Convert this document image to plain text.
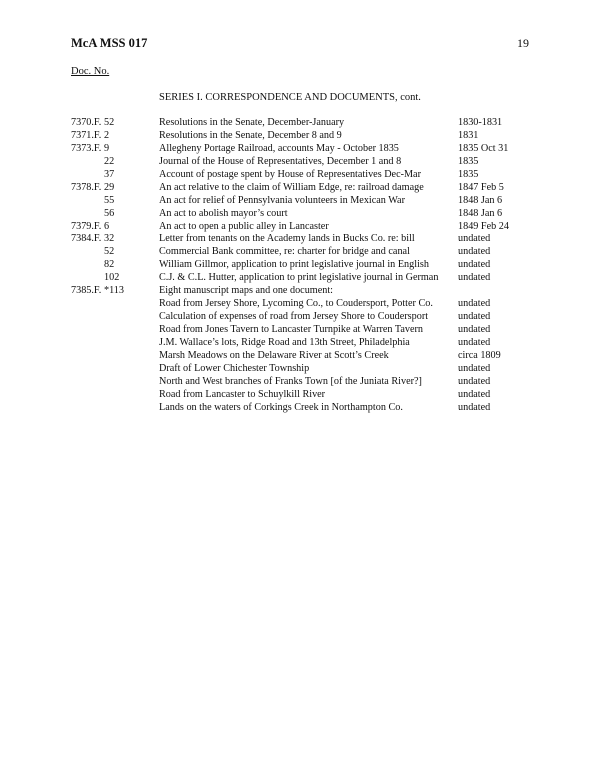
McA MSS 017	19
Doc. No.
SERIES I. CORRESPONDENCE AND DOCUMENTS, cont.
7370.F. 52	Resolutions in the Senate, December-January	1830-1831
7371.F. 2	Resolutions in the Senate, December 8 and 9	1831
7373.F. 9	Allegheny Portage Railroad, accounts May - October 1835	1835 Oct 31
22	Journal of the House of Representatives, December 1 and 8	1835
37	Account of postage spent by House of Representatives Dec-Mar	1835
7378.F. 29	An act relative to the claim of William Edge, re: railroad damage	1847 Feb 5
55	An act for relief of Pennsylvania volunteers in Mexican War	1848 Jan 6
56	An act to abolish mayor’s court	1848 Jan 6
7379.F. 6	An act to open a public alley in Lancaster	1849 Feb 24
7384.F. 32	Letter from tenants on the Academy lands in Bucks Co. re: bill	undated
52	Commercial Bank committee, re: charter for bridge and canal	undated
82	William Gillmor, application to print legislative journal in English	undated
102	C.J. & C.L. Hutter, application to print legislative journal in German undated
7385.F. *113	Eight manuscript maps and one document:
Road from Jersey Shore, Lycoming Co., to Coudersport, Potter Co. undated
Calculation of expenses of road from Jersey Shore to Coudersport	undated
Road from Jones Tavern to Lancaster Turnpike at Warren Tavern	undated
J.M. Wallace’s lots, Ridge Road and 13th Street, Philadelphia	undated
Marsh Meadows on the Delaware River at Scott’s Creek	circa 1809
Draft of Lower Chichester Township	undated
North and West branches of Franks Town [of the Juniata River?]	undated
Road from Lancaster to Schuylkill River	undated
Lands on the waters of Corkings Creek in Northampton Co.	undated
